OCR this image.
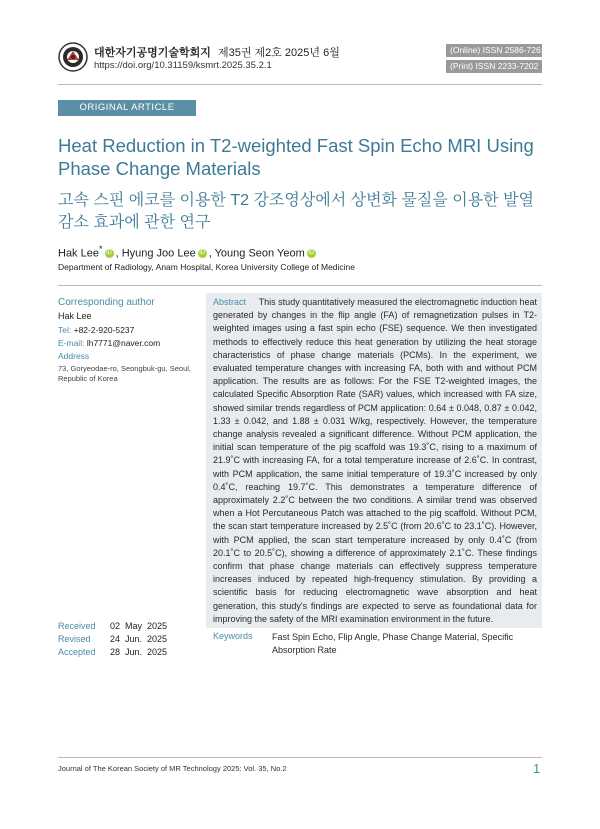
대한자기공명기술학회지 제35권 제2호 2025년 6월
https://doi.org/10.31159/ksmrt.2025.35.2.1
(Online) ISSN 2586-7261
(Print) ISSN 2233-7202
ORIGINAL ARTICLE
Heat Reduction in T2-weighted Fast Spin Echo MRI Using Phase Change Materials
고속 스핀 에코를 이용한 T2 강조영상에서 상변화 물질을 이용한 발열 감소 효과에 관한 연구
Hak Lee* iD , Hyung Joo Lee iD , Young Seon Yeom iD
Department of Radiology, Anam Hospital, Korea University College of Medicine
Corresponding author
Hak Lee
Tel: +82-2-920-5237
E-mail: lh7771@naver.com
Address
73, Goryeodae-ro, Seongbuk-gu, Seoul, Republic of Korea
Abstract This study quantitatively measured the electromagnetic induction heat generated by changes in the flip angle (FA) of remagnetization pulses in T2-weighted images using a fast spin echo (FSE) sequence. We then investigated methods to effectively reduce this heat generation by utilizing the heat storage characteristics of phase change materials (PCMs). In the experiment, we evaluated temperature changes with increasing FA, both with and without PCM application. The results are as follows: For the FSE T2-weighted images, the calculated Specific Absorption Rate (SAR) values, which increased with FA size, showed similar trends regardless of PCM application: 0.64 ± 0.048, 0.87 ± 0.042, 1.33 ± 0.042, and 1.88 ± 0.031 W/kg, respectively. However, the temperature change analysis revealed a significant difference. Without PCM application, the initial scan temperature of the pig scaffold was 19.3˚C, rising to a maximum of 21.9˚C with increasing FA, for a total temperature increase of 2.6˚C. In contrast, with PCM application, the same initial temperature of 19.3˚C increased by only 0.4˚C, reaching 19.7˚C. This demonstrates a temperature difference of approximately 2.2˚C between the two conditions. A similar trend was observed when a Hot Percutaneous Patch was attached to the pig scaffold. Without PCM, the scan start temperature increased by 2.5˚C (from 20.6˚C to 23.1˚C). However, with PCM applied, the scan start temperature increased by only 0.4˚C (from 20.1˚C to 20.5˚C), showing a difference of approximately 2.1˚C. These findings confirm that phase change materials can effectively suppress temperature increases induced by repeated high-frequency stimulation. By providing a scientific basis for reducing electromagnetic wave absorption and heat generation, this study's findings are expected to serve as foundational data for improving the safety of the MRI examination environment in the future.
Keywords Fast Spin Echo, Flip Angle, Phase Change Material, Specific Absorption Rate
Received 02  May  2025
Revised 24  Jun.  2025
Accepted 28  Jun.  2025
Journal of The Korean Society of MR Technology 2025: Vol. 35, No.2	1
